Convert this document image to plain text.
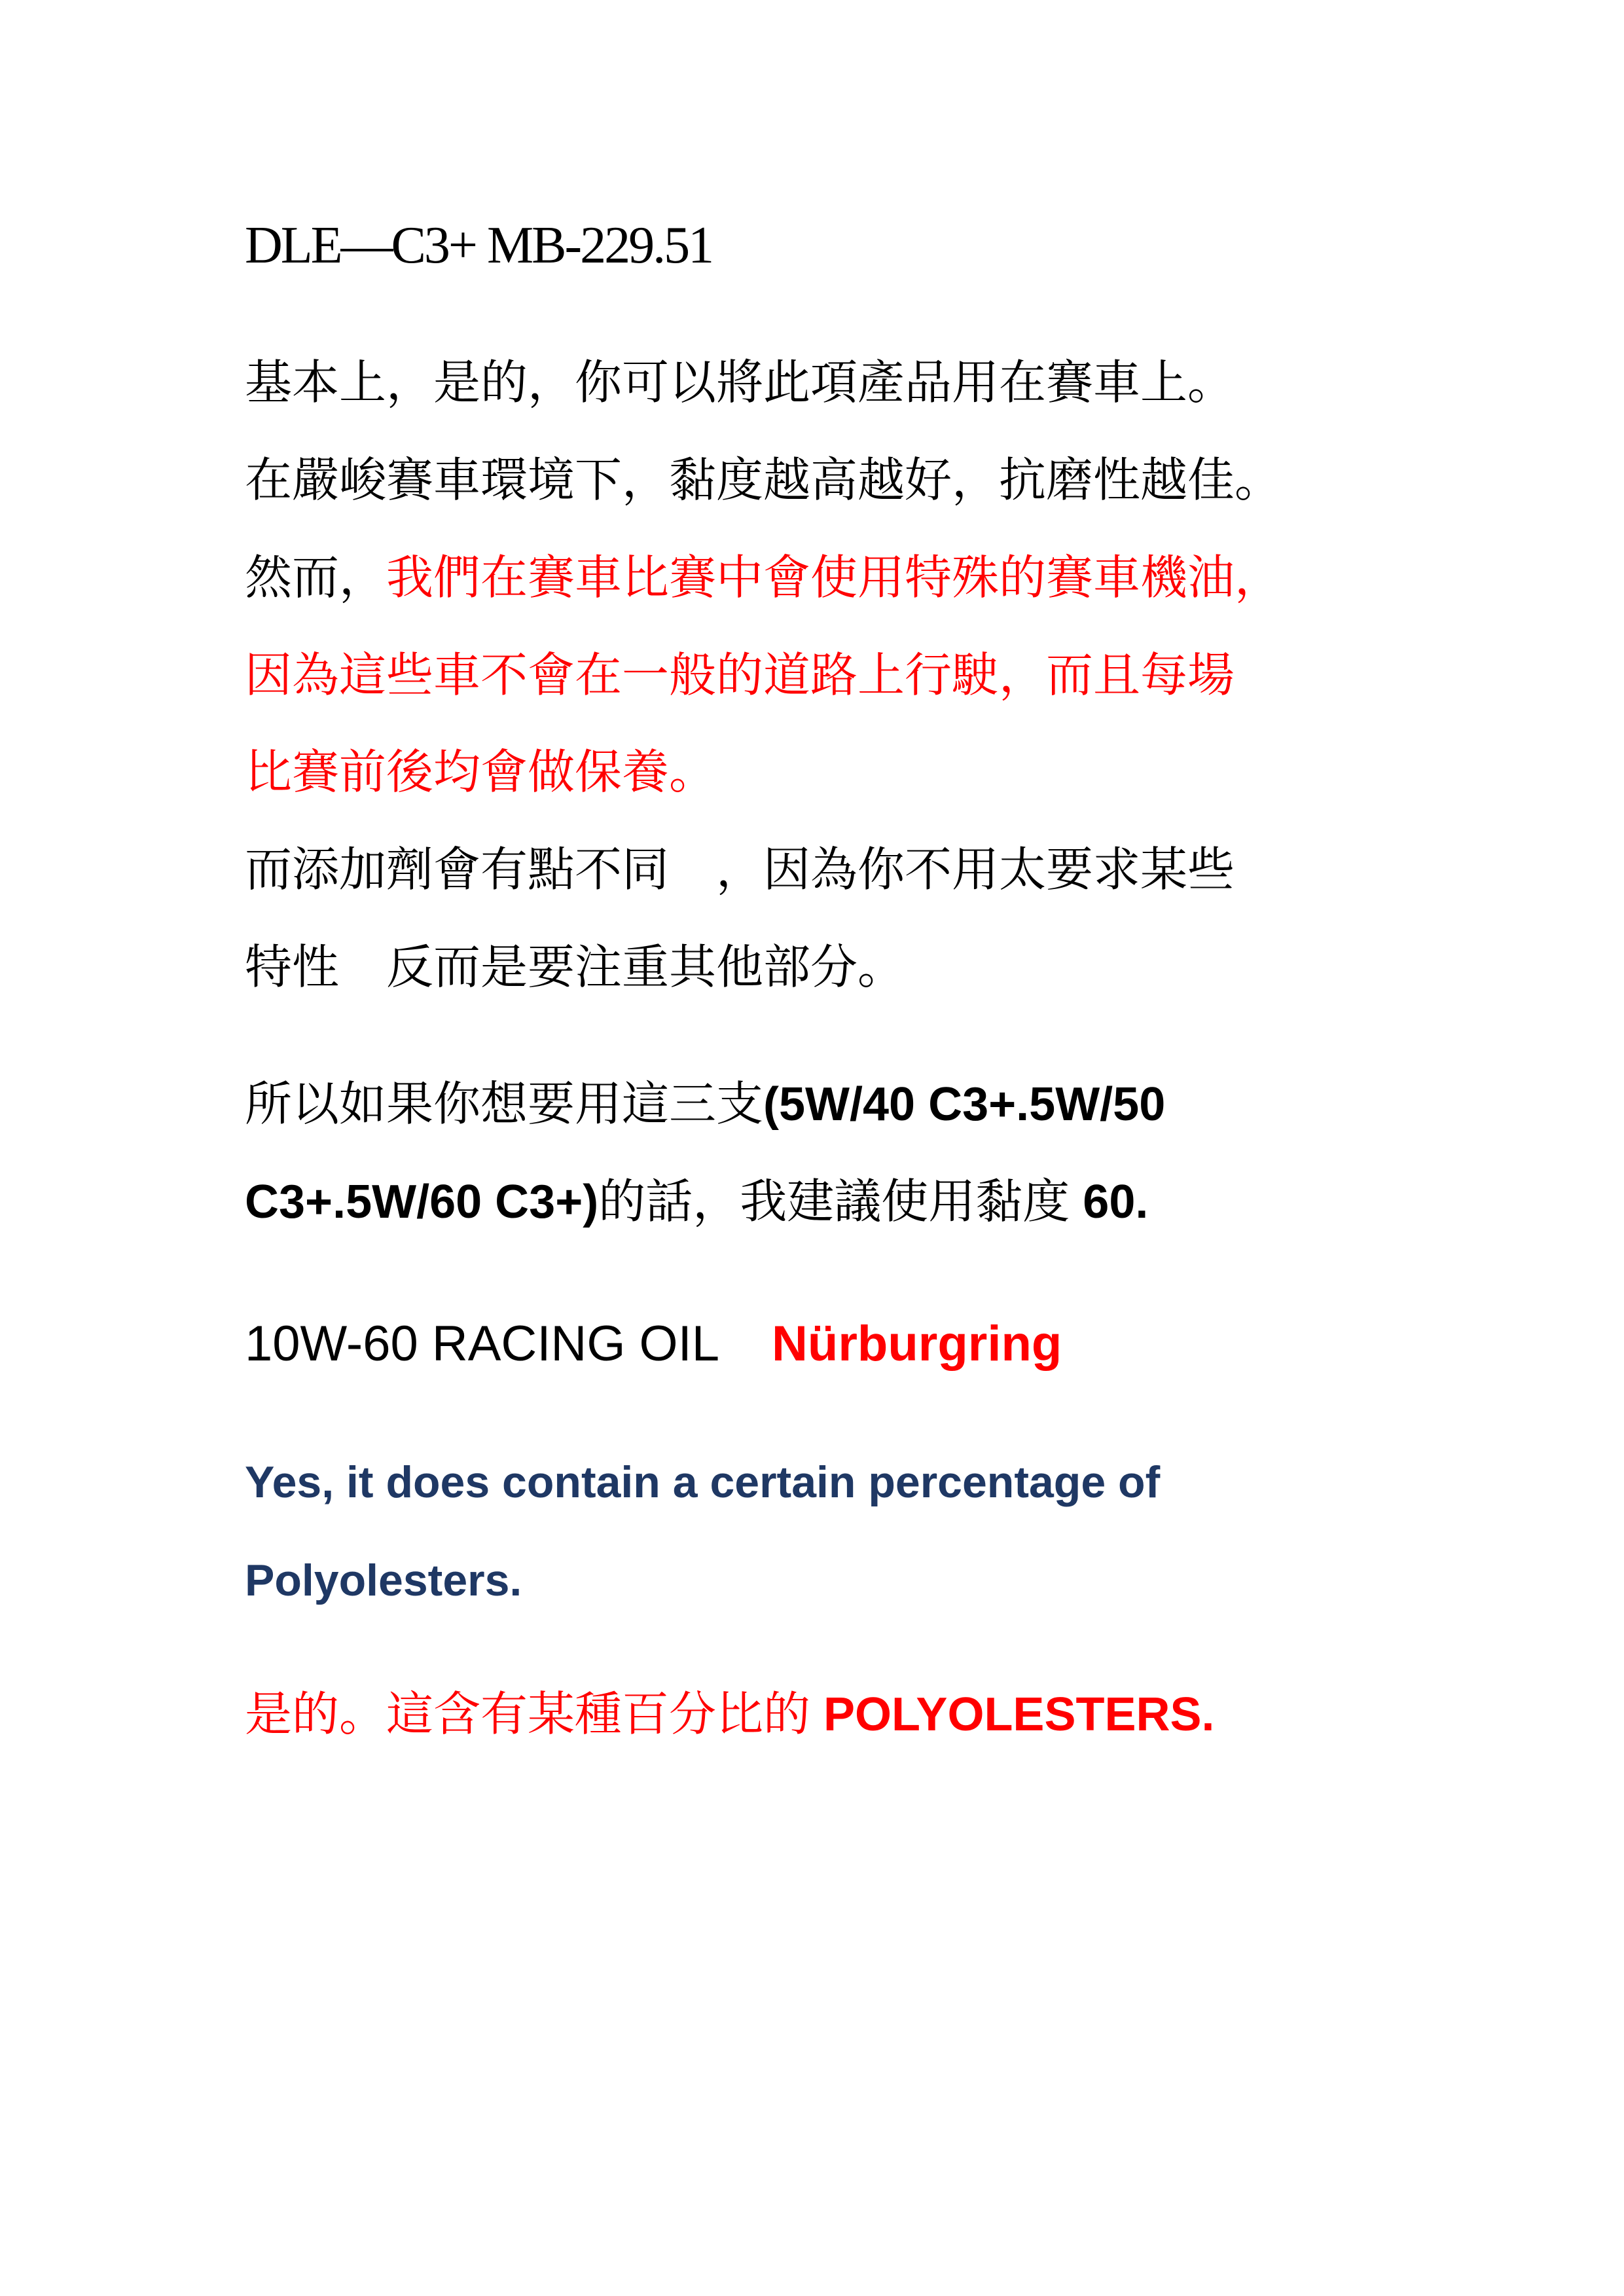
DLE—C3+ MB-229.51
基本上，是的，你可以將此項產品用在賽車上。
在嚴峻賽車環境下，黏度越高越好，抗磨性越佳。
然而，我們在賽車比賽中會使用特殊的賽車機油，
因為這些車不會在一般的道路上行駛，而且每場
比賽前後均會做保養。
而添加劑會有點不同　，因為你不用太要求某些
特性　反而是要注重其他部分。
所以如果你想要用這三支(5W/40 C3+.5W/50
C3+.5W/60 C3+)的話，我建議使用黏度 60.
10W-60 RACING OIL Nürburgring
Yes, it does contain a certain percentage of
Polyolesters.
是的。這含有某種百分比的 POLYOLESTERS.
